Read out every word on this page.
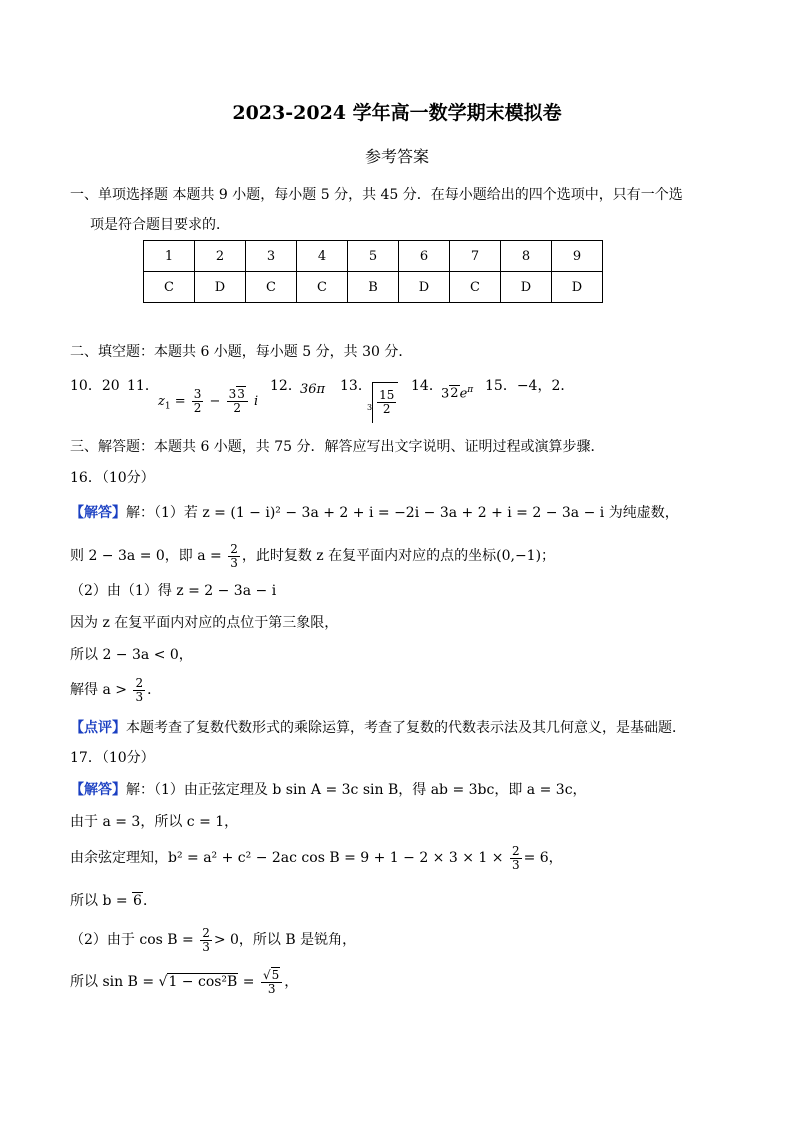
2023-2024 学年高一数学期末模拟卷
参考答案
一、单项选择题 本题共 9 小题，每小题 5 分，共 45 分．在每小题给出的四个选项中，只有一个选
项是符合题目要求的．
1	2	3	4	5	6	7	8	9
C	D	C	C	B	D	C	D	D
二、填空题：本题共 6 小题，每小题 5 分，共 30 分．
10．20 11．
$z_1 = \frac{3}{2} - \frac{33}{2}$ i
12．
36π 13．
$^3 \frac{15}{2}$
14．
$32e^\pi$ 15．−4，2．
三、解答题：本题共 6 小题，共 75 分．解答应写出文字说明、证明过程或演算步骤．
16．（10分）
【解答】解：（1）若 z = (1 − i)² − 3a + 2 + i = −2i − 3a + 2 + i = 2 − 3a − i 为纯虚数，
则 2 − 3a = 0，即 $a = \frac{2}{3}$ ，此时复数 z 在复平面内对应的点的坐标(0,−1)；
（2）由（1）得 z = 2 − 3a − i
因为 z 在复平面内对应的点位于第三象限，
所以 2 − 3a < 0，
解得 $a > \frac{2}{3}$ ．
【点评】本题考查了复数代数形式的乘除运算，考查了复数的代数表示法及其几何意义，是基础题．
17．（10分）
【解答】解：（1）由正弦定理及 b sin A = 3c sin B，得 ab = 3bc，即 a = 3c，
由于 a = 3，所以 c = 1，
由余弦定理知，b² = a² + c² − 2ac $\cos B = 9 + 1 - 2 \times 3 \times 1 \times \frac{2}{3} = 6$，
所以 b = 6．
（2）由于 $\cos B = \frac{2}{3} > 0$，所以 B 是锐角，
所以 $\sin B = √1 - \cos^2B = \frac{√5}{3}$ ，
